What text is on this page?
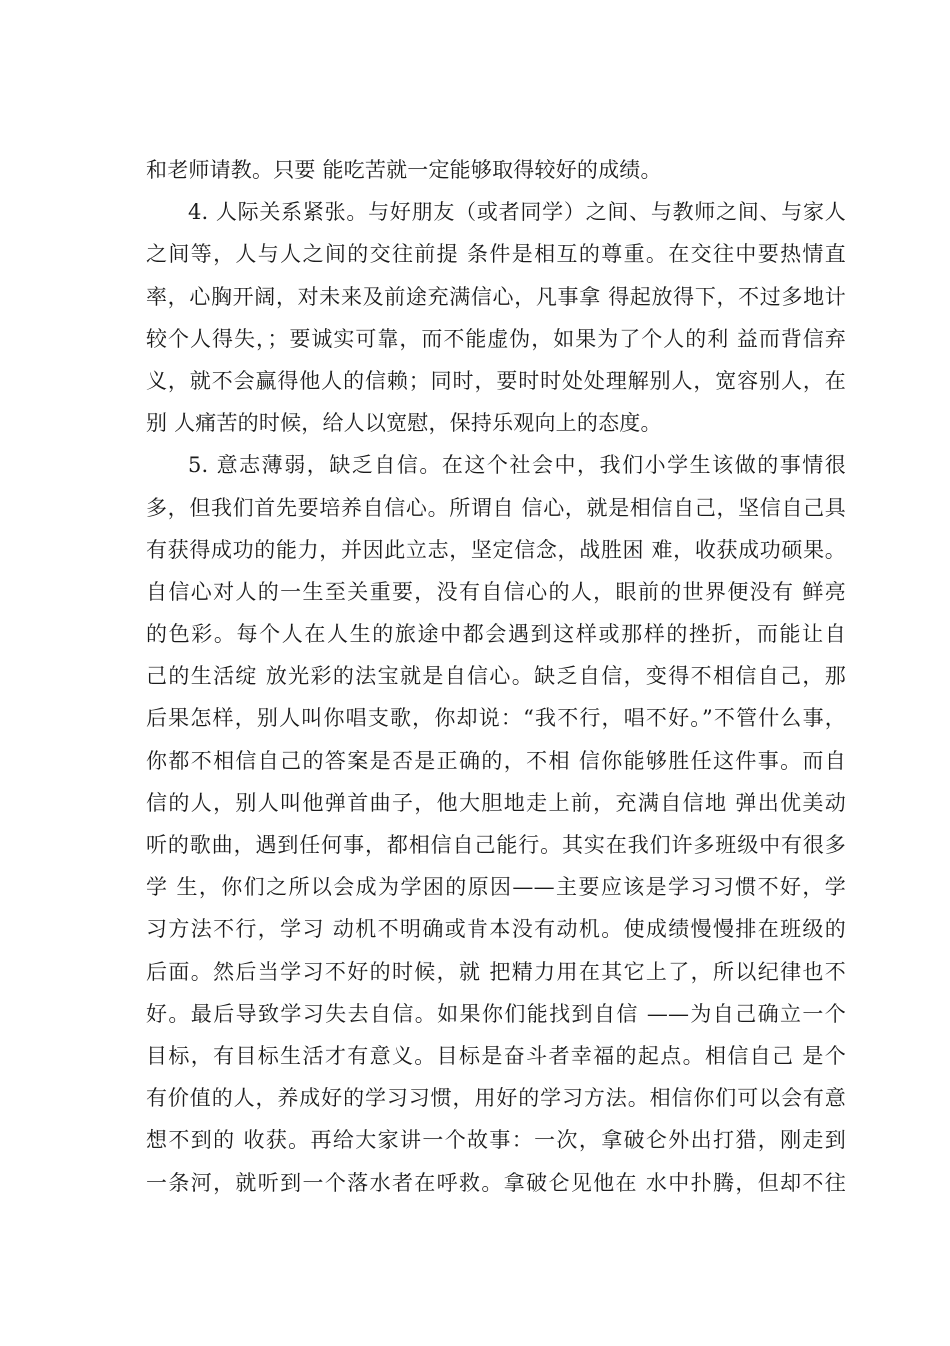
和老师请教。只要 能吃苦就一定能够取得较好的成绩。
4. 人际关系紧张。与好朋友（或者同学）之间、与教师之间、与家人
之间等，人与人之间的交往前提 条件是相互的尊重。在交往中要热情直
率，心胸开阔，对未来及前途充满信心，凡事拿 得起放得下，不过多地计
较个人得失，；要诚实可靠，而不能虚伪，如果为了个人的利 益而背信弃
义，就不会赢得他人的信赖；同时，要时时处处理解别人，宽容别人，在
别 人痛苦的时候，给人以宽慰，保持乐观向上的态度。
5. 意志薄弱，缺乏自信。在这个社会中，我们小学生该做的事情很
多，但我们首先要培养自信心。所谓自 信心，就是相信自己，坚信自己具
有获得成功的能力，并因此立志，坚定信念，战胜困 难，收获成功硕果。
自信心对人的一生至关重要，没有自信心的人，眼前的世界便没有 鲜亮
的色彩。每个人在人生的旅途中都会遇到这样或那样的挫折，而能让自
己的生活绽 放光彩的法宝就是自信心。缺乏自信，变得不相信自己，那
后果怎样，别人叫你唱支歌，你却说：“我不行，唱不好。”不管什么事，
你都不相信自己的答案是否是正确的，不相 信你能够胜任这件事。而自
信的人，别人叫他弹首曲子，他大胆地走上前，充满自信地 弹出优美动
听的歌曲，遇到任何事，都相信自己能行。其实在我们许多班级中有很多
学 生，你们之所以会成为学困的原因——主要应该是学习习惯不好，学
习方法不行，学习 动机不明确或肯本没有动机。使成绩慢慢排在班级的
后面。然后当学习不好的时候，就 把精力用在其它上了，所以纪律也不
好。最后导致学习失去自信。如果你们能找到自信 ——为自己确立一个
目标，有目标生活才有意义。目标是奋斗者幸福的起点。相信自己 是个
有价值的人，养成好的学习习惯，用好的学习方法。相信你们可以会有意
想不到的 收获。再给大家讲一个故事：一次，拿破仑外出打猎，刚走到
一条河，就听到一个落水者在呼救。拿破仑见他在 水中扑腾，但却不往
